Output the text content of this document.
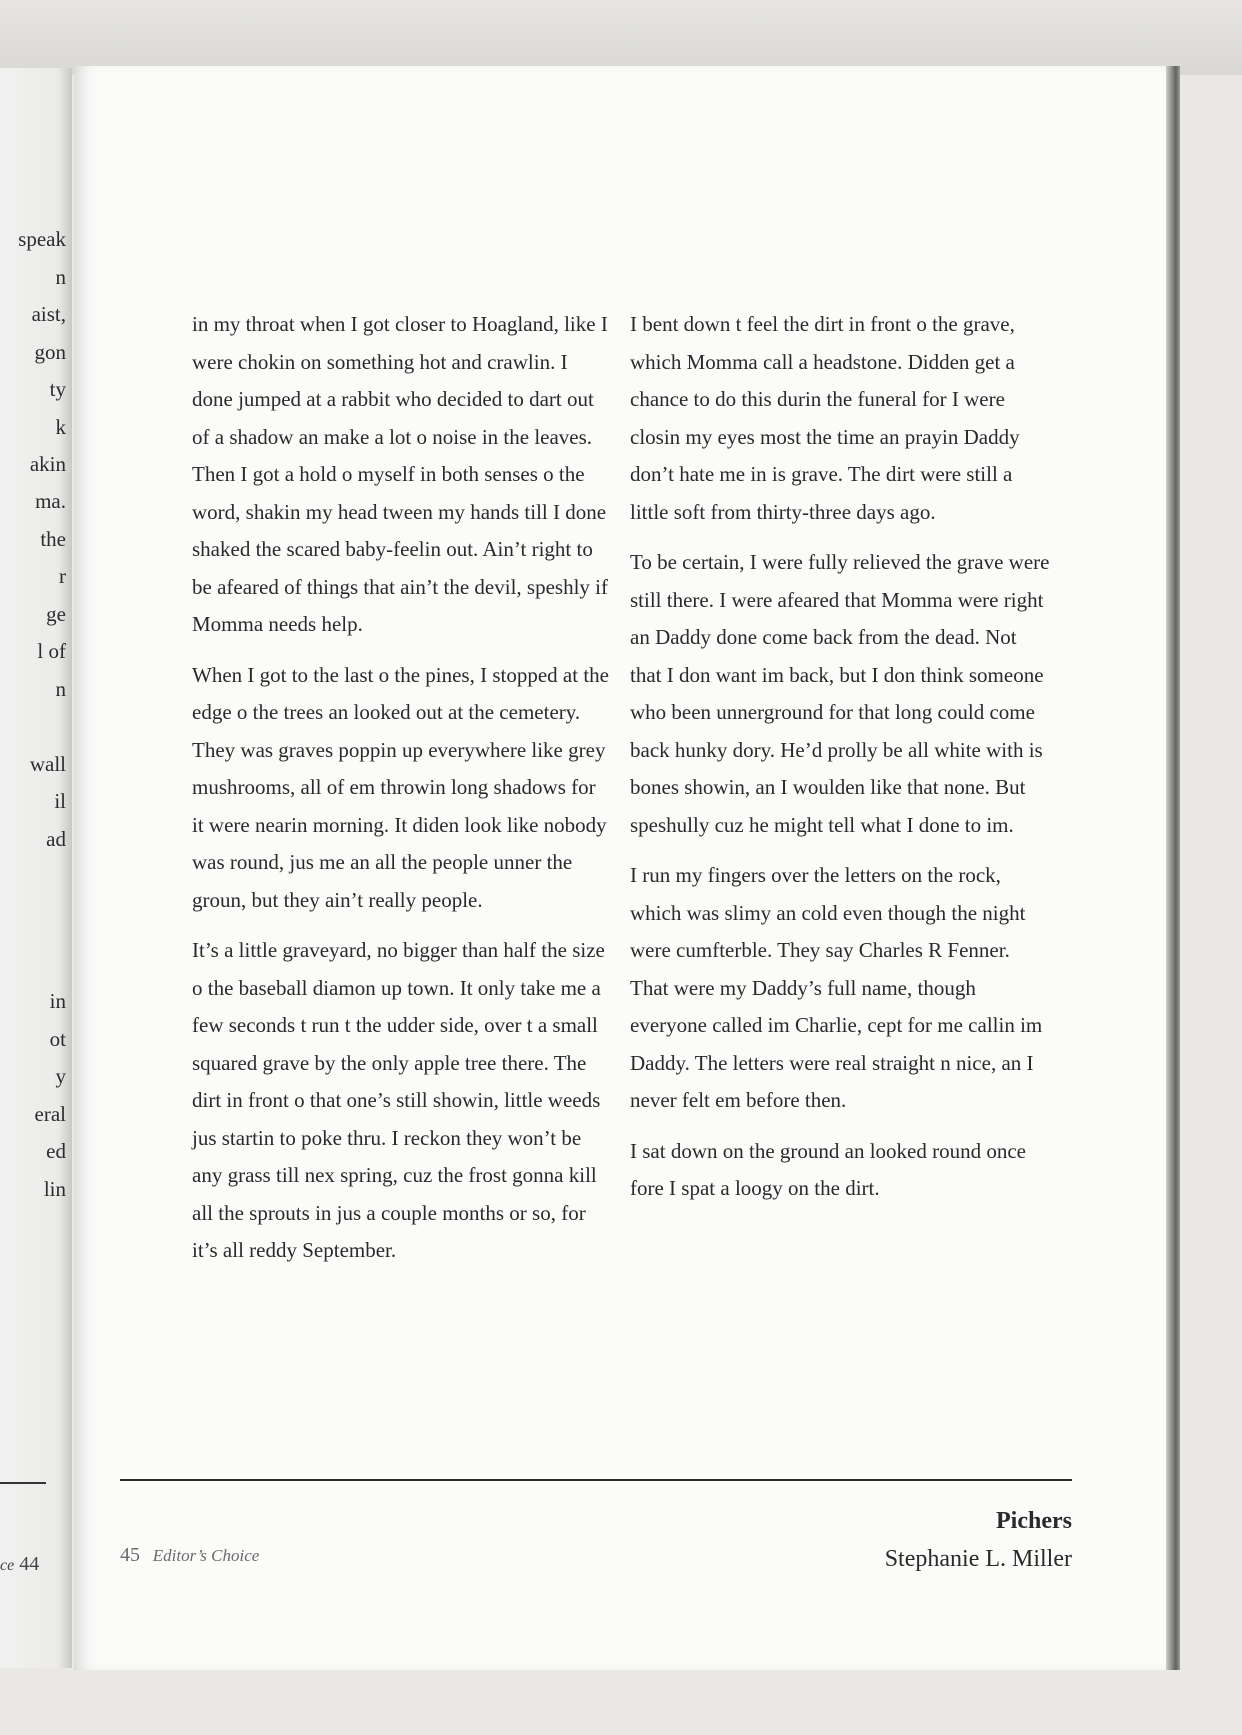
speak
n
aist,
gon
ty
k
akin
ma.
the
r
ge
l of
n
wall
il
ad
in
ot
y
eral
ed
lin
ce 44

in my throat when I got closer to Hoagland, like I were chokin on something hot and crawlin. I done jumped at a rabbit who decided to dart out of a shadow an make a lot o noise in the leaves. Then I got a hold o myself in both senses o the word, shakin my head tween my hands till I done shaked the scared baby-feelin out. Ain’t right to be afeared of things that ain’t the devil, speshly if Momma needs help.

When I got to the last o the pines, I stopped at the edge o the trees an looked out at the cemetery. They was graves poppin up everywhere like grey mushrooms, all of em throwin long shadows for it were nearin morning. It diden look like nobody was round, jus me an all the people unner the groun, but they ain’t really people.

It’s a little graveyard, no bigger than half the size o the baseball diamon up town. It only take me a few seconds t run t the udder side, over t a small squared grave by the only apple tree there. The dirt in front o that one’s still showin, little weeds jus startin to poke thru. I reckon they won’t be any grass till nex spring, cuz the frost gonna kill all the sprouts in jus a couple months or so, for it’s all reddy September.

I bent down t feel the dirt in front o the grave, which Momma call a headstone. Didden get a chance to do this durin the funeral for I were closin my eyes most the time an prayin Daddy don’t hate me in is grave. The dirt were still a little soft from thirty-three days ago.

To be certain, I were fully relieved the grave were still there. I were afeared that Momma were right an Daddy done come back from the dead. Not that I don want im back, but I don think someone who been unnerground for that long could come back hunky dory. He’d prolly be all white with is bones showin, an I woulden like that none. But speshully cuz he might tell what I done to im.

I run my fingers over the letters on the rock, which was slimy an cold even though the night were cumfterble. They say Charles R Fenner. That were my Daddy’s full name, though everyone called im Charlie, cept for me callin im Daddy. The letters were real straight n nice, an I never felt em before then.

I sat down on the ground an looked round once fore I spat a loogy on the dirt.

45 Editor’s Choice
Pichers
Stephanie L. Miller
